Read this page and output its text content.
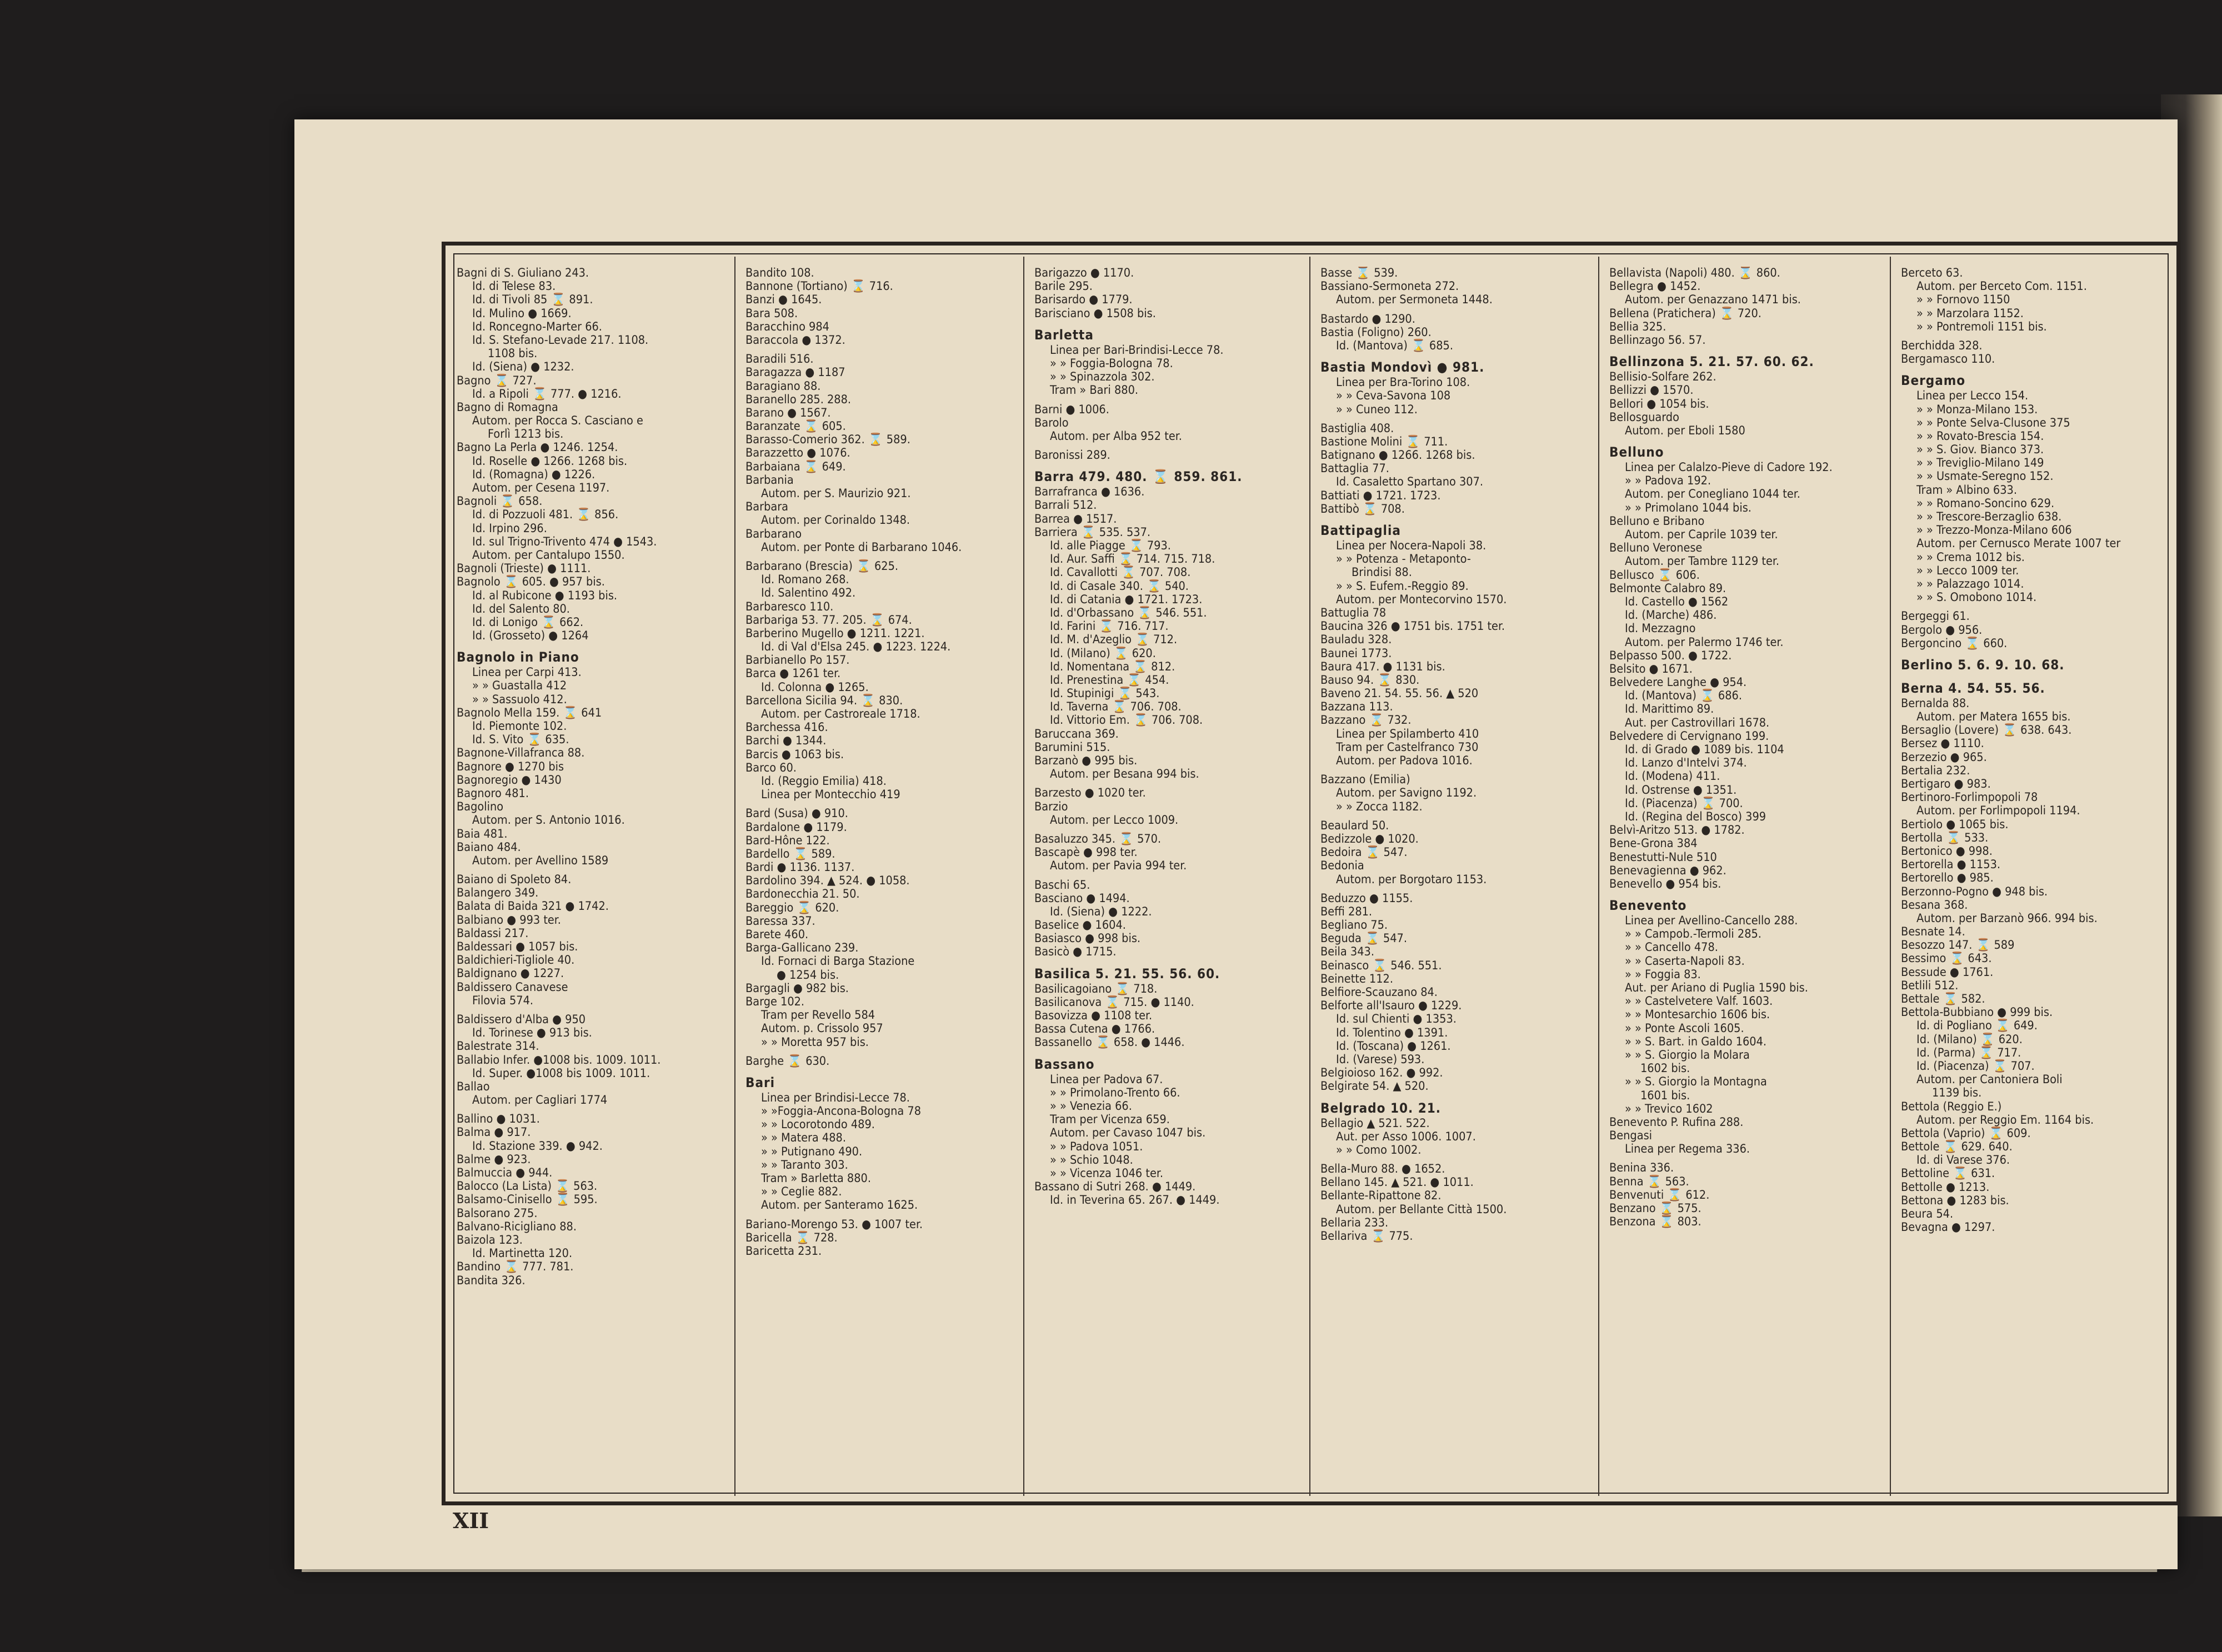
Bagni di S. Giuliano 243.
Id. di Telese 83.
Id. di Tivoli 85 ⌛ 891.
Id. Mulino ● 1669.
Id. Roncegno-Marter 66.
Id. S. Stefano-Levade 217. 1108.
1108 bis.
Id. (Siena) ● 1232.
Bagno ⌛ 727.
Id. a Ripoli ⌛ 777. ● 1216.
Bagno di Romagna
Autom. per Rocca S. Casciano e
Forlì 1213 bis.
Bagno La Perla ● 1246. 1254.
Id. Roselle ● 1266. 1268 bis.
Id. (Romagna) ● 1226.
Autom. per Cesena 1197.
Bagnoli ⌛ 658.
Id. di Pozzuoli 481. ⌛ 856.
Id. Irpino 296.
Id. sul Trigno-Trivento 474 ● 1543.
Autom. per Cantalupo 1550.
Bagnoli (Trieste) ● 1111.
Bagnolo ⌛ 605. ● 957 bis.
Id. al Rubicone ● 1193 bis.
Id. del Salento 80.
Id. di Lonigo ⌛ 662.
Id. (Grosseto) ● 1264
Bagnolo in Piano
Linea per Carpi 413.
» » Guastalla 412
» » Sassuolo 412.
Bagnolo Mella 159. ⌛ 641
Id. Piemonte 102.
Id. S. Vito ⌛ 635.
Bagnone-Villafranca 88.
Bagnore ● 1270 bis
Bagnoregio ● 1430
Bagnoro 481.
Bagolino
Autom. per S. Antonio 1016.
Baia 481.
Baiano 484.
Autom. per Avellino 1589
Baiano di Spoleto 84.
Balangero 349.
Balata di Baida 321 ● 1742.
Balbiano ● 993 ter.
Baldassi 217.
Baldessari ● 1057 bis.
Baldichieri-Tigliole 40.
Baldignano ● 1227.
Baldissero Canavese
Filovia 574.
Baldissero d'Alba ● 950
Id. Torinese ● 913 bis.
Balestrate 314.
Ballabio Infer. ●1008 bis. 1009. 1011.
Id. Super. ●1008 bis 1009. 1011.
Ballao
Autom. per Cagliari 1774
Ballino ● 1031.
Balma ● 917.
Id. Stazione 339. ● 942.
Balme ● 923.
Balmuccia ● 944.
Balocco (La Lista) ⌛ 563.
Balsamo-Cinisello ⌛ 595.
Balsorano 275.
Balvano-Ricigliano 88.
Baizola 123.
Id. Martinetta 120.
Bandino ⌛ 777. 781.
Bandita 326.
Bandito 108.
Bannone (Tortiano) ⌛ 716.
Banzi ● 1645.
Bara 508.
Baracchino 984
Baraccola ● 1372.
Baradili 516.
Baragazza ● 1187
Baragiano 88.
Baranello 285. 288.
Barano ● 1567.
Baranzate ⌛ 605.
Barasso-Comerio 362. ⌛ 589.
Barazzetto ● 1076.
Barbaiana ⌛ 649.
Barbania
Autom. per S. Maurizio 921.
Barbara
Autom. per Corinaldo 1348.
Barbarano
Autom. per Ponte di Barbarano 1046.
Barbarano (Brescia) ⌛ 625.
Id. Romano 268.
Id. Salentino 492.
Barbaresco 110.
Barbariga 53. 77. 205. ⌛ 674.
Barberino Mugello ● 1211. 1221.
Id. di Val d'Elsa 245. ● 1223. 1224.
Barbianello Po 157.
Barca ● 1261 ter.
Id. Colonna ● 1265.
Barcellona Sicilia 94. ⌛ 830.
Autom. per Castroreale 1718.
Barchessa 416.
Barchi ● 1344.
Barcis ● 1063 bis.
Barco 60.
Id. (Reggio Emilia) 418.
Linea per Montecchio 419
Bard (Susa) ● 910.
Bardalone ● 1179.
Bard-Hône 122.
Bardello ⌛ 589.
Bardi ● 1136. 1137.
Bardolino 394. ▲ 524. ● 1058.
Bardonecchia 21. 50.
Bareggio ⌛ 620.
Baressa 337.
Barete 460.
Barga-Gallicano 239.
Id. Fornaci di Barga Stazione
● 1254 bis.
Bargagli ● 982 bis.
Barge 102.
Tram per Revello 584
Autom. p. Crissolo 957
» » Moretta 957 bis.
Barghe ⌛ 630.
Bari
Linea per Brindisi-Lecce 78.
» »Foggia-Ancona-Bologna 78
» » Locorotondo 489.
» » Matera 488.
» » Putignano 490.
» » Taranto 303.
Tram » Barletta 880.
» » Ceglie 882.
Autom. per Santeramo 1625.
Bariano-Morengo 53. ● 1007 ter.
Baricella ⌛ 728.
Baricetta 231.
Barigazzo ● 1170.
Barile 295.
Barisardo ● 1779.
Barisciano ● 1508 bis.
Barletta
Linea per Bari-Brindisi-Lecce 78.
» » Foggia-Bologna 78.
» » Spinazzola 302.
Tram » Bari 880.
Barni ● 1006.
Barolo
Autom. per Alba 952 ter.
Baronissi 289.
Barra 479. 480. ⌛ 859. 861.
Barrafranca ● 1636.
Barrali 512.
Barrea ● 1517.
Barriera ⌛ 535. 537.
Id. alle Piagge ⌛ 793.
Id. Aur. Saffi ⌛ 714. 715. 718.
Id. Cavallotti ⌛ 707. 708.
Id. di Casale 340. ⌛ 540.
Id. di Catania ● 1721. 1723.
Id. d'Orbassano ⌛ 546. 551.
Id. Farini ⌛ 716. 717.
Id. M. d'Azeglio ⌛ 712.
Id. (Milano) ⌛ 620.
Id. Nomentana ⌛ 812.
Id. Prenestina ⌛ 454.
Id. Stupinigi ⌛ 543.
Id. Taverna ⌛ 706. 708.
Id. Vittorio Em. ⌛ 706. 708.
Baruccana 369.
Barumini 515.
Barzanò ● 995 bis.
Autom. per Besana 994 bis.
Barzesto ● 1020 ter.
Barzio
Autom. per Lecco 1009.
Basaluzzo 345. ⌛ 570.
Bascapè ● 998 ter.
Autom. per Pavia 994 ter.
Baschi 65.
Basciano ● 1494.
Id. (Siena) ● 1222.
Baselice ● 1604.
Basiasco ● 998 bis.
Basicò ● 1715.
Basilica 5. 21. 55. 56. 60.
Basilicagoiano ⌛ 718.
Basilicanova ⌛ 715. ● 1140.
Basovizza ● 1108 ter.
Bassa Cutena ● 1766.
Bassanello ⌛ 658. ● 1446.
Bassano
Linea per Padova 67.
» » Primolano-Trento 66.
» » Venezia 66.
Tram per Vicenza 659.
Autom. per Cavaso 1047 bis.
» » Padova 1051.
» » Schio 1048.
» » Vicenza 1046 ter.
Bassano di Sutri 268. ● 1449.
Id. in Teverina 65. 267. ● 1449.
Basse ⌛ 539.
Bassiano-Sermoneta 272.
Autom. per Sermoneta 1448.
Bastardo ● 1290.
Bastia (Foligno) 260.
Id. (Mantova) ⌛ 685.
Bastia Mondovì ● 981.
Linea per Bra-Torino 108.
» » Ceva-Savona 108
» » Cuneo 112.
Bastiglia 408.
Bastione Molini ⌛ 711.
Batignano ● 1266. 1268 bis.
Battaglia 77.
Id. Casaletto Spartano 307.
Battiati ● 1721. 1723.
Battibò ⌛ 708.
Battipaglia
Linea per Nocera-Napoli 38.
» » Potenza - Metaponto-
Brindisi 88.
» » S. Eufem.-Reggio 89.
Autom. per Montecorvino 1570.
Battuglia 78
Baucina 326 ● 1751 bis. 1751 ter.
Bauladu 328.
Baunei 1773.
Baura 417. ● 1131 bis.
Bauso 94. ⌛ 830.
Baveno 21. 54. 55. 56. ▲ 520
Bazzana 113.
Bazzano ⌛ 732.
Linea per Spilamberto 410
Tram per Castelfranco 730
Autom. per Padova 1016.
Bazzano (Emilia)
Autom. per Savigno 1192.
» » Zocca 1182.
Beaulard 50.
Bedizzole ● 1020.
Bedoira ⌛ 547.
Bedonia
Autom. per Borgotaro 1153.
Beduzzo ● 1155.
Beffi 281.
Begliano 75.
Beguda ⌛ 547.
Beila 343.
Beinasco ⌛ 546. 551.
Beinette 112.
Belfiore-Scauzano 84.
Belforte all'Isauro ● 1229.
Id. sul Chienti ● 1353.
Id. Tolentino ● 1391.
Id. (Toscana) ● 1261.
Id. (Varese) 593.
Belgioioso 162. ● 992.
Belgirate 54. ▲ 520.
Belgrado 10. 21.
Bellagio ▲ 521. 522.
Aut. per Asso 1006. 1007.
» » Como 1002.
Bella-Muro 88. ● 1652.
Bellano 145. ▲ 521. ● 1011.
Bellante-Ripattone 82.
Autom. per Bellante Città 1500.
Bellaria 233.
Bellariva ⌛ 775.
Bellavista (Napoli) 480. ⌛ 860.
Bellegra ● 1452.
Autom. per Genazzano 1471 bis.
Bellena (Pratichera) ⌛ 720.
Bellia 325.
Bellinzago 56. 57.
Bellinzona 5. 21. 57. 60. 62.
Bellisio-Solfare 262.
Bellizzi ● 1570.
Bellori ● 1054 bis.
Bellosguardo
Autom. per Eboli 1580
Belluno
Linea per Calalzo-Pieve di Cadore 192.
» » Padova 192.
Autom. per Conegliano 1044 ter.
» » Primolano 1044 bis.
Belluno e Bribano
Autom. per Caprile 1039 ter.
Belluno Veronese
Autom. per Tambre 1129 ter.
Bellusco ⌛ 606.
Belmonte Calabro 89.
Id. Castello ● 1562
Id. (Marche) 486.
Id. Mezzagno
Autom. per Palermo 1746 ter.
Belpasso 500. ● 1722.
Belsito ● 1671.
Belvedere Langhe ● 954.
Id. (Mantova) ⌛ 686.
Id. Marittimo 89.
Aut. per Castrovillari 1678.
Belvedere di Cervignano 199.
Id. di Grado ● 1089 bis. 1104
Id. Lanzo d'Intelvi 374.
Id. (Modena) 411.
Id. Ostrense ● 1351.
Id. (Piacenza) ⌛ 700.
Id. (Regina del Bosco) 399
Belvì-Aritzo 513. ● 1782.
Bene-Grona 384
Benestutti-Nule 510
Benevagienna ● 962.
Benevello ● 954 bis.
Benevento
Linea per Avellino-Cancello 288.
» » Campob.-Termoli 285.
» » Cancello 478.
» » Caserta-Napoli 83.
» » Foggia 83.
Aut. per Ariano di Puglia 1590 bis.
» » Castelvetere Valf. 1603.
» » Montesarchio 1606 bis.
» » Ponte Ascoli 1605.
» » S. Bart. in Galdo 1604.
» » S. Giorgio la Molara
1602 bis.
» » S. Giorgio la Montagna
1601 bis.
» » Trevico 1602
Benevento P. Rufina 288.
Bengasi
Linea per Regema 336.
Benina 336.
Benna ⌛ 563.
Benvenuti ⌛ 612.
Benzano ⌛ 575.
Benzona ⌛ 803.
Berceto 63.
Autom. per Berceto Com. 1151.
» » Fornovo 1150
» » Marzolara 1152.
» » Pontremoli 1151 bis.
Berchidda 328.
Bergamasco 110.
Bergamo
Linea per Lecco 154.
» » Monza-Milano 153.
» » Ponte Selva-Clusone 375
» » Rovato-Brescia 154.
» » S. Giov. Bianco 373.
» » Treviglio-Milano 149
» » Usmate-Seregno 152.
Tram » Albino 633.
» » Romano-Soncino 629.
» » Trescore-Berzaglio 638.
» » Trezzo-Monza-Milano 606
Autom. per Cernusco Merate 1007 ter
» » Crema 1012 bis.
» » Lecco 1009 ter.
» » Palazzago 1014.
» » S. Omobono 1014.
Bergeggi 61.
Bergolo ● 956.
Bergoncino ⌛ 660.
Berlino 5. 6. 9. 10. 68.
Berna 4. 54. 55. 56.
Bernalda 88.
Autom. per Matera 1655 bis.
Bersaglio (Lovere) ⌛ 638. 643.
Bersez ● 1110.
Berzezio ● 965.
Bertalia 232.
Bertigaro ● 983.
Bertinoro-Forlimpopoli 78
Autom. per Forlimpopoli 1194.
Bertiolo ● 1065 bis.
Bertolla ⌛ 533.
Bertonico ● 998.
Bertorella ● 1153.
Bertorello ● 985.
Berzonno-Pogno ● 948 bis.
Besana 368.
Autom. per Barzanò 966. 994 bis.
Besnate 14.
Besozzo 147. ⌛ 589
Bessimo ⌛ 643.
Bessude ● 1761.
Betlili 512.
Bettale ⌛ 582.
Bettola-Bubbiano ● 999 bis.
Id. di Pogliano ⌛ 649.
Id. (Milano) ⌛ 620.
Id. (Parma) ⌛ 717.
Id. (Piacenza) ⌛ 707.
Autom. per Cantoniera Boli
1139 bis.
Bettola (Reggio E.)
Autom. per Reggio Em. 1164 bis.
Bettola (Vaprio) ⌛ 609.
Bettole ⌛ 629. 640.
Id. di Varese 376.
Bettoline ⌛ 631.
Bettolle ● 1213.
Bettona ● 1283 bis.
Beura 54.
Bevagna ● 1297.
XII
